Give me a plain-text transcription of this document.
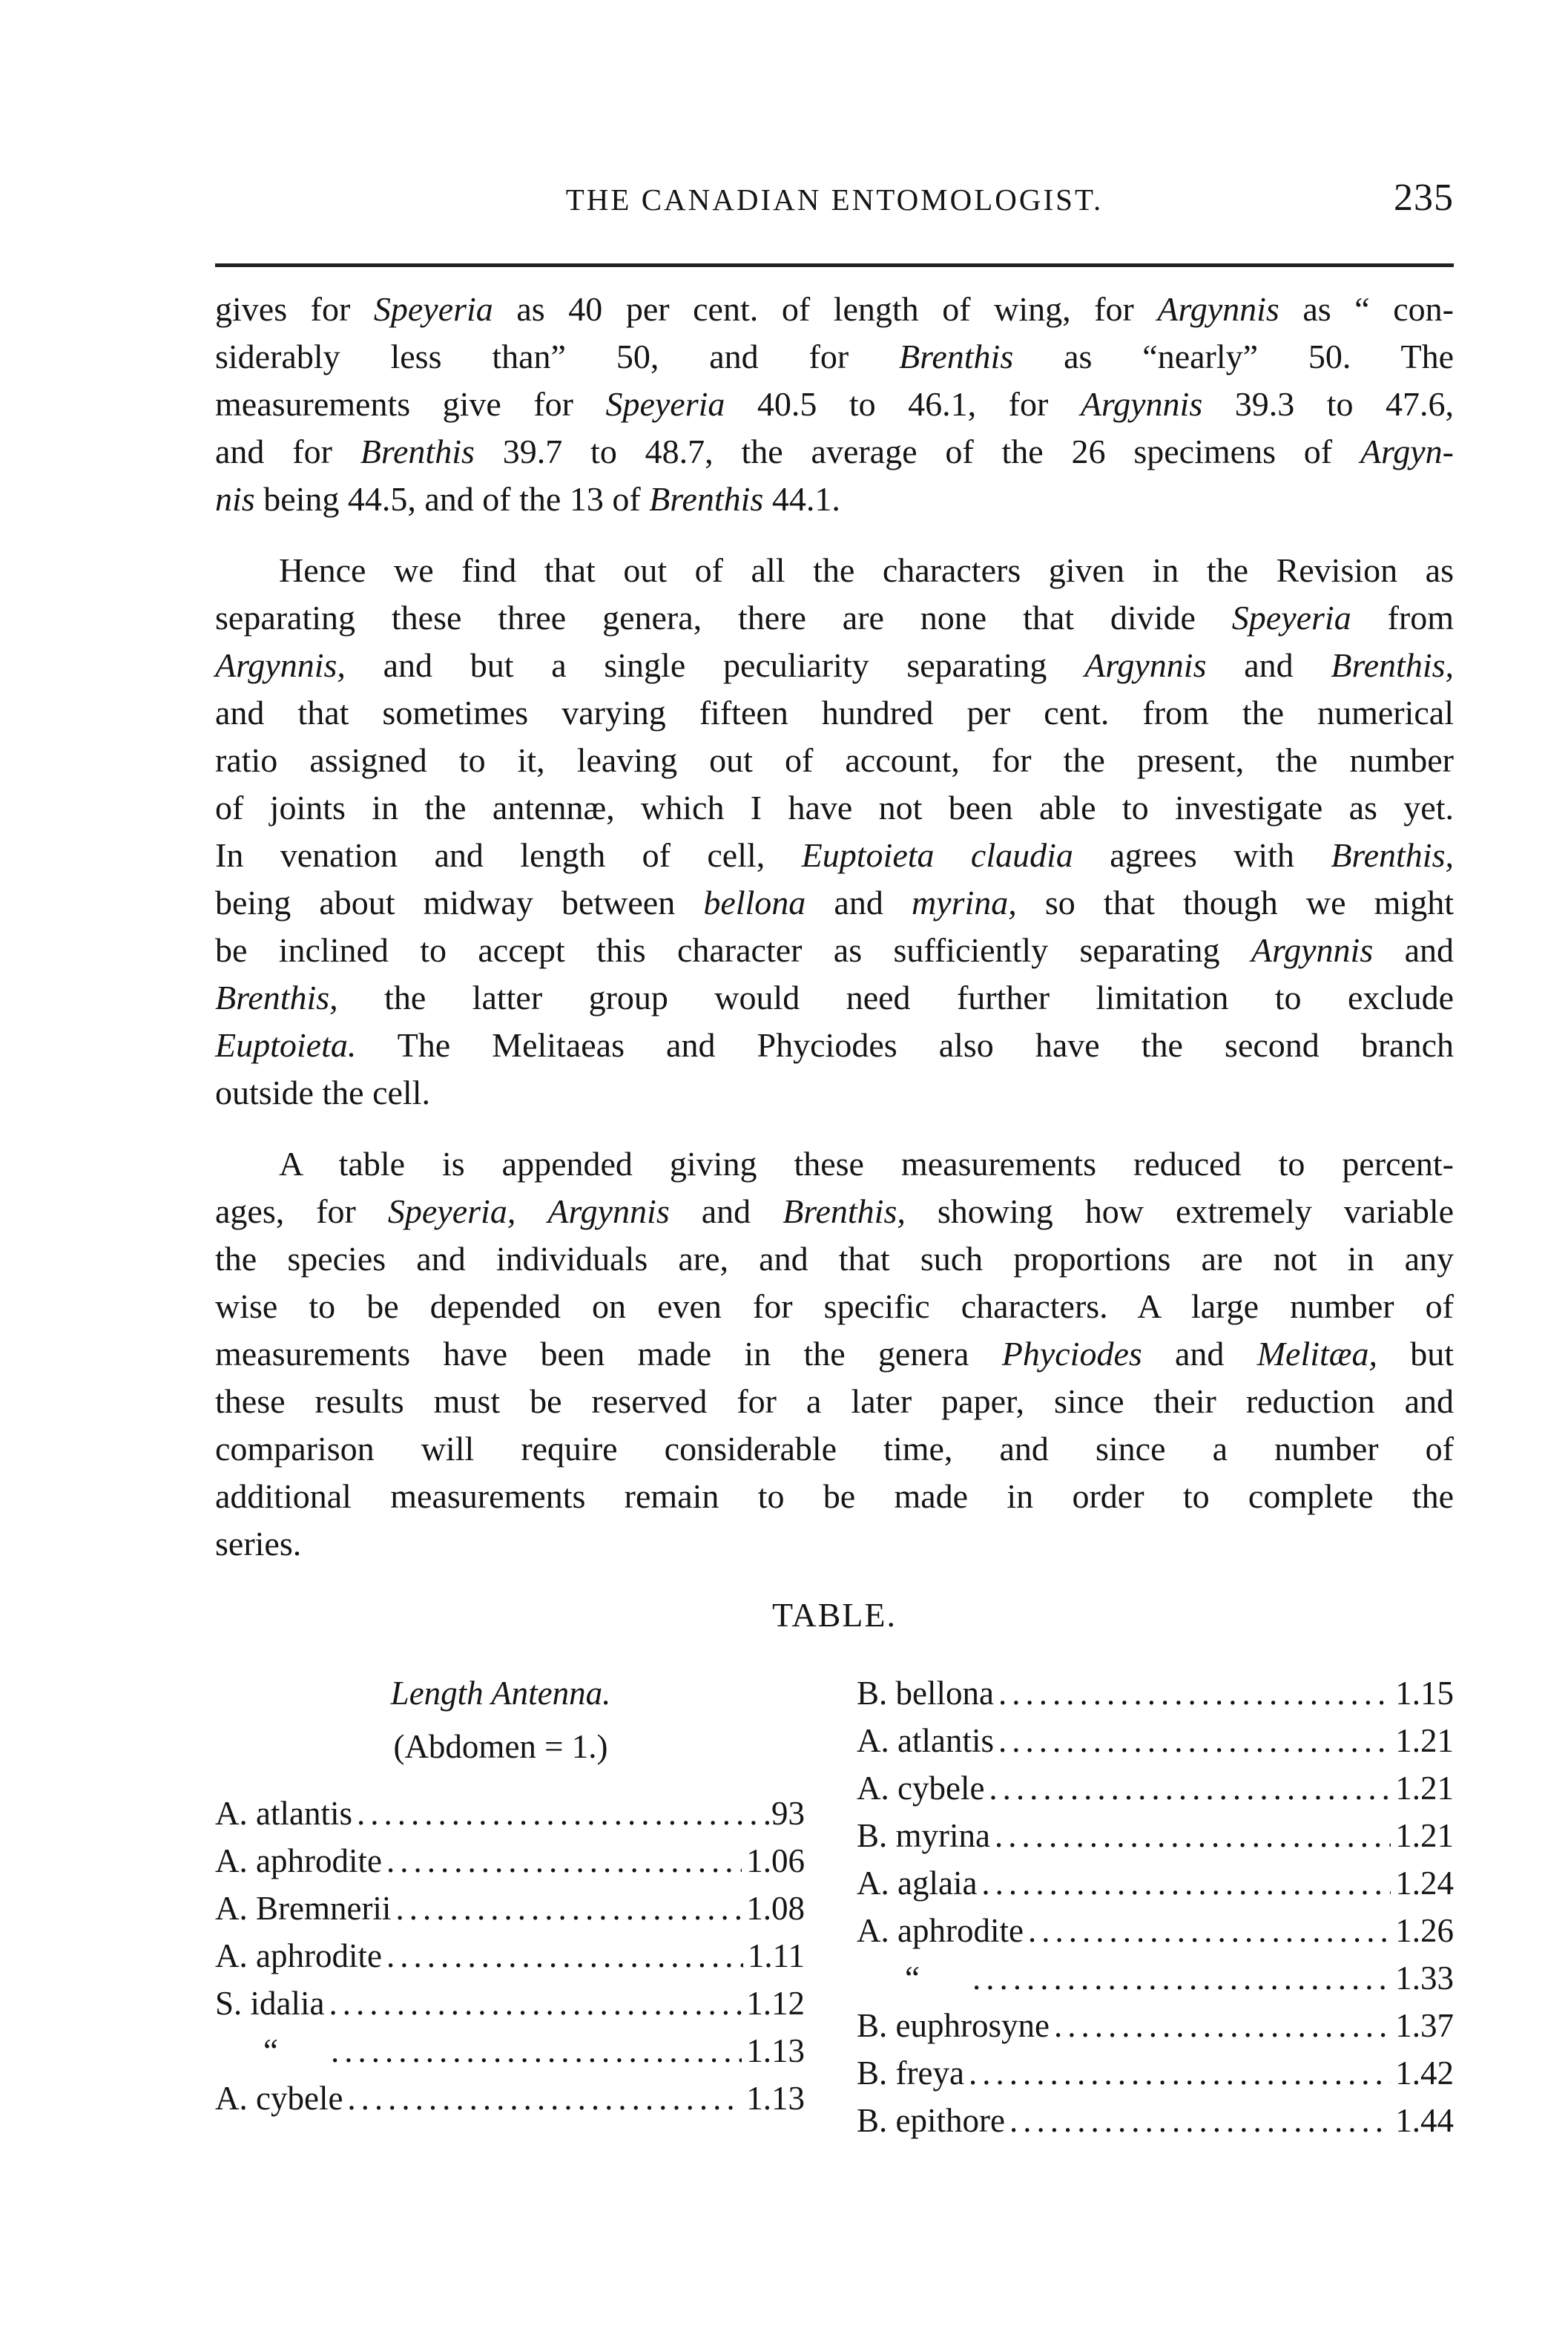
THE CANADIAN ENTOMOLOGIST.	235
gives for Speyeria as 40 per cent. of length of wing, for Argynnis as “ con-
siderably less than” 50, and for Brenthis as “nearly” 50. The
measurements give for Speyeria 40.5 to 46.1, for Argynnis 39.3 to 47.6,
and for Brenthis 39.7 to 48.7, the average of the 26 specimens of Argyn-
nis being 44.5, and of the 13 of Brenthis 44.1.
Hence we find that out of all the characters given in the Revision as
separating these three genera, there are none that divide Speyeria from
Argynnis, and but a single peculiarity separating Argynnis and Brenthis,
and that sometimes varying fifteen hundred per cent. from the numerical
ratio assigned to it, leaving out of account, for the present, the number
of joints in the antennæ, which I have not been able to investigate as yet.
In venation and length of cell, Euptoieta claudia agrees with Brenthis,
being about midway between bellona and myrina, so that though we might
be inclined to accept this character as sufficiently separating Argynnis and
Brenthis, the latter group would need further limitation to exclude
Euptoieta. The Melitaeas and Phyciodes also have the second branch
outside the cell.
A table is appended giving these measurements reduced to percent-
ages, for Speyeria, Argynnis and Brenthis, showing how extremely variable
the species and individuals are, and that such proportions are not in any
wise to be depended on even for specific characters. A large number of
measurements have been made in the genera Phyciodes and Melitæa, but
these results must be reserved for a later paper, since their reduction and
comparison will require considerable time, and since a number of
additional measurements remain to be made in order to complete the
series.
TABLE.
Length Antenna.
(Abdomen = 1.)
A. atlantis .....	.93
A. aphrodite .....	1.06
A. Bremnerii .....	1.08
A. aphrodite .....	1.11
S. idalia .....	1.12
“ .....	1.13
A. cybele .....	1.13
B. bellona .....	1.15
A. atlantis .....	1.21
A. cybele .....	1.21
B. myrina .....	1.21
A. aglaia .....	1.24
A. aphrodite .....	1.26
“ .....	1.33
B. euphrosyne .....	1.37
B. freya .....	1.42
B. epithore .....	1.44
